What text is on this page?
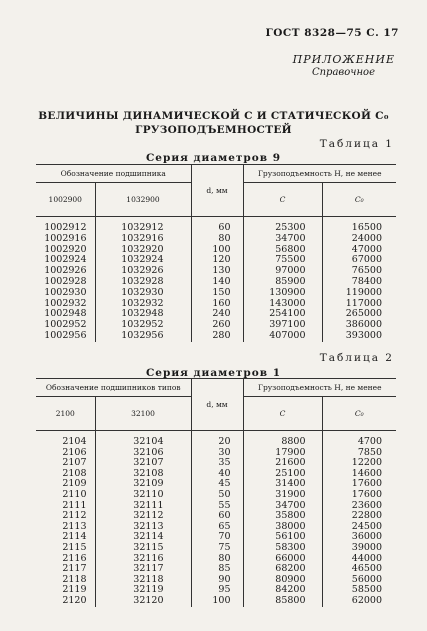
ГОСТ 8328—75 С. 17
ПРИЛОЖЕНИЕ
Справочное
ВЕЛИЧИНЫ ДИНАМИЧЕСКОЙ C И СТАТИЧЕСКОЙ C₀
ГРУЗОПОДЪЕМНОСТЕЙ
Таблица 1
Серия диаметров 9
Обозначение подшипника		d, мм	Грузоподъемность H, не менее	
1002900	1032900		C	C₀
1002912	1032912	60	25300	16500
1002916	1032916	80	34700	24000
1002920	1032920	100	56800	47000
1002924	1032924	120	75500	67000
1002926	1032926	130	97000	76500
1002928	1032928	140	85900	78400
1002930	1032930	150	130900	119000
1002932	1032932	160	143000	117000
1002948	1032948	240	254100	265000
1002952	1032952	260	397100	386000
1002956	1032956	280	407000	393000
Таблица 2
Серия диаметров 1
Обозначение подшипников типов		d, мм	Грузоподъемность H, не менее	
2100	32100		C	C₀
2104	32104	20	8800	4700
2106	32106	30	17900	7850
2107	32107	35	21600	12200
2108	32108	40	25100	14600
2109	32109	45	31400	17600
2110	32110	50	31900	17600
2111	32111	55	34700	23600
2112	32112	60	35800	22800
2113	32113	65	38000	24500
2114	32114	70	56100	36000
2115	32115	75	58300	39000
2116	32116	80	66000	44000
2117	32117	85	68200	46500
2118	32118	90	80900	56000
2119	32119	95	84200	58500
2120	32120	100	85800	62000
